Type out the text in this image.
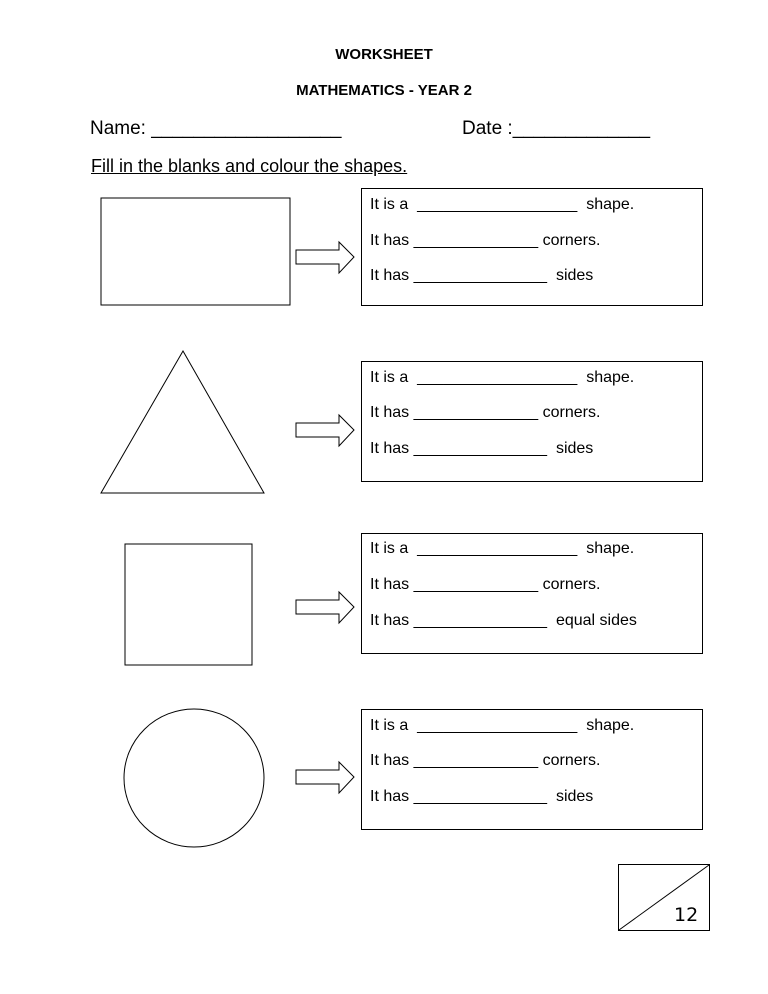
WORKSHEET
MATHEMATICS - YEAR 2
Name: __________________	Date :_____________
Fill in the blanks and colour the shapes.
It is a  __________________  shape.
It has ______________ corners.
It has _______________  sides
It is a  __________________  shape.
It has ______________ corners.
It has _______________  sides
It is a  __________________  shape.
It has ______________ corners.
It has _______________  equal sides
It is a  __________________  shape.
It has ______________ corners.
It has _______________  sides
12
